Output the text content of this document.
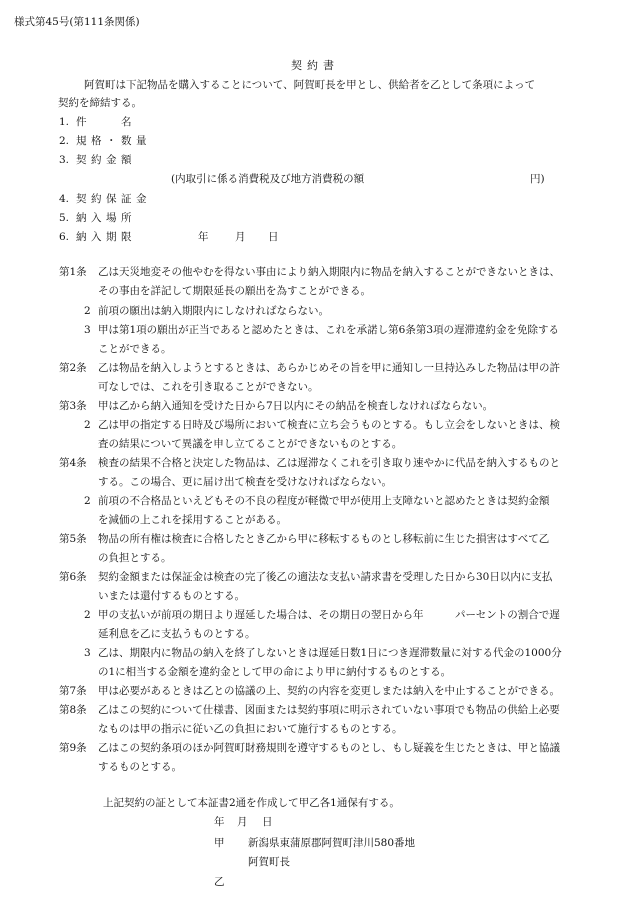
様式第45号(第111条関係)
契約書
阿賀町は下記物品を購入することについて、阿賀町長を甲とし、供給者を乙として条項によって
契約を締結する。
1. 件　　名
2. 規格・数量
3. 契約金額
(内取引に係る消費税及び地方消費税の額	円)
4. 契約保証金
5. 納入場所
6. 納入期限	年	月 日
第1条 乙は天災地変その他やむを得ない事由により納入期限内に物品を納入することができないときは、
その事由を詳記して期限延長の願出を為すことができる。
2 前項の願出は納入期限内にしなければならない。
3 甲は第1項の願出が正当であると認めたときは、これを承諾し第6条第3項の遅滞違約金を免除する
ことができる。
第2条 乙は物品を納入しようとするときは、あらかじめその旨を甲に通知し一旦持込みした物品は甲の許
可なしでは、これを引き取ることができない。
第3条 甲は乙から納入通知を受けた日から7日以内にその納品を検査しなければならない。
2 乙は甲の指定する日時及び場所において検査に立ち会うものとする。もし立会をしないときは、検
査の結果について異議を申し立てることができないものとする。
第4条 検査の結果不合格と決定した物品は、乙は遅滞なくこれを引き取り速やかに代品を納入するものと
する。この場合、更に届け出て検査を受けなければならない。
2 前項の不合格品といえどもその不良の程度が軽微で甲が使用上支障ないと認めたときは契約金額
を減価の上これを採用することがある。
第5条 物品の所有権は検査に合格したとき乙から甲に移転するものとし移転前に生じた損害はすべて乙
の負担とする。
第6条 契約金額または保証金は検査の完了後乙の適法な支払い請求書を受理した日から30日以内に支払
いまたは還付するものとする。
2 甲の支払いが前項の期日より遅延した場合は、その期日の翌日から年　　　パーセントの割合で遅
延利息を乙に支払うものとする。
3 乙は、期限内に物品の納入を終了しないときは遅延日数1日につき遅滞数量に対する代金の1000分
の1に相当する金額を違約金として甲の命により甲に納付するものとする。
第7条 甲は必要があるときは乙との協議の上、契約の内容を変更しまたは納入を中止することができる。
第8条 乙はこの契約について仕様書、図面または契約事項に明示されていない事項でも物品の供給上必要
なものは甲の指示に従い乙の負担において施行するものとする。
第9条 乙はこの契約条項のほか阿賀町財務規則を遵守するものとし、もし疑義を生じたときは、甲と協議
するものとする。
上記契約の証として本証書2通を作成して甲乙各1通保有する。
年 月 日
甲 新潟県東蒲原郡阿賀町津川580番地
阿賀町長
乙
